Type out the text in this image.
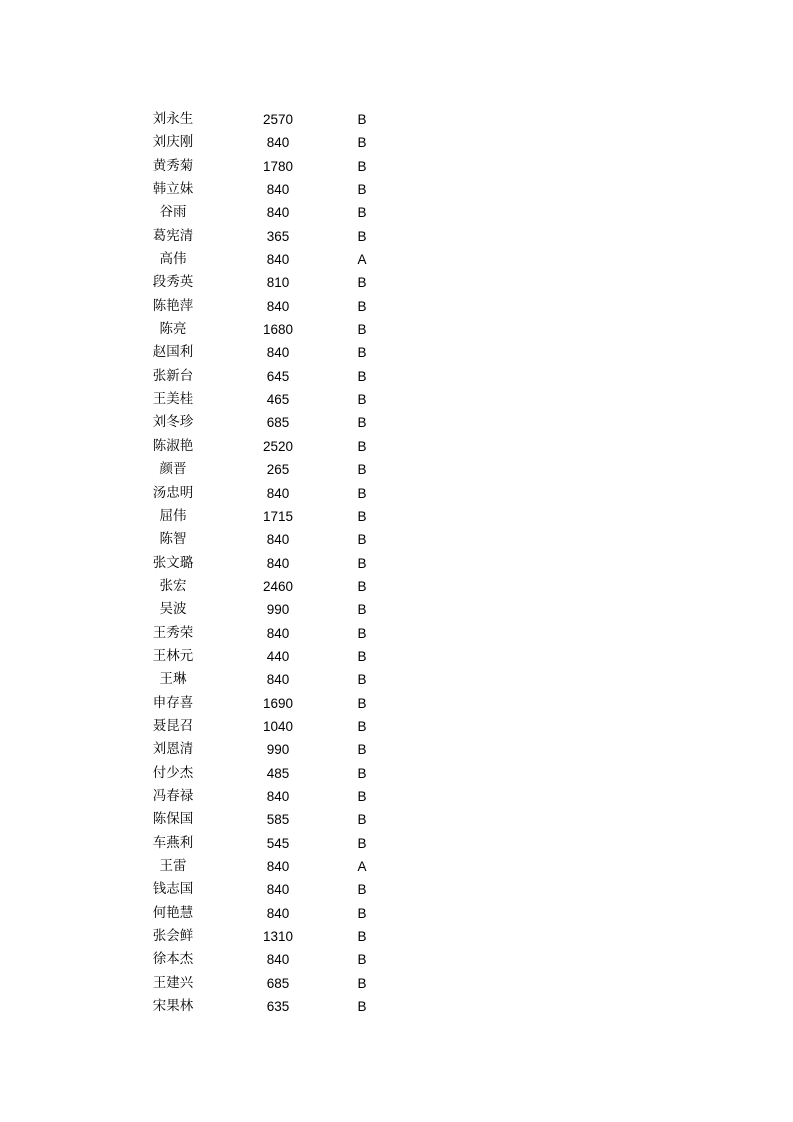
刘永生	2570	B
刘庆刚	840	B
黄秀菊	1780	B
韩立妹	840	B
谷雨	840	B
葛宪清	365	B
高伟	840	A
段秀英	810	B
陈艳萍	840	B
陈亮	1680	B
赵国利	840	B
张新台	645	B
王美桂	465	B
刘冬珍	685	B
陈淑艳	2520	B
颜晋	265	B
汤忠明	840	B
屈伟	1715	B
陈智	840	B
张文璐	840	B
张宏	2460	B
吴波	990	B
王秀荣	840	B
王林元	440	B
王琳	840	B
申存喜	1690	B
聂昆召	1040	B
刘恩清	990	B
付少杰	485	B
冯春禄	840	B
陈保国	585	B
车燕利	545	B
王雷	840	A
钱志国	840	B
何艳慧	840	B
张会鲜	1310	B
徐本杰	840	B
王建兴	685	B
宋果林	635	B
